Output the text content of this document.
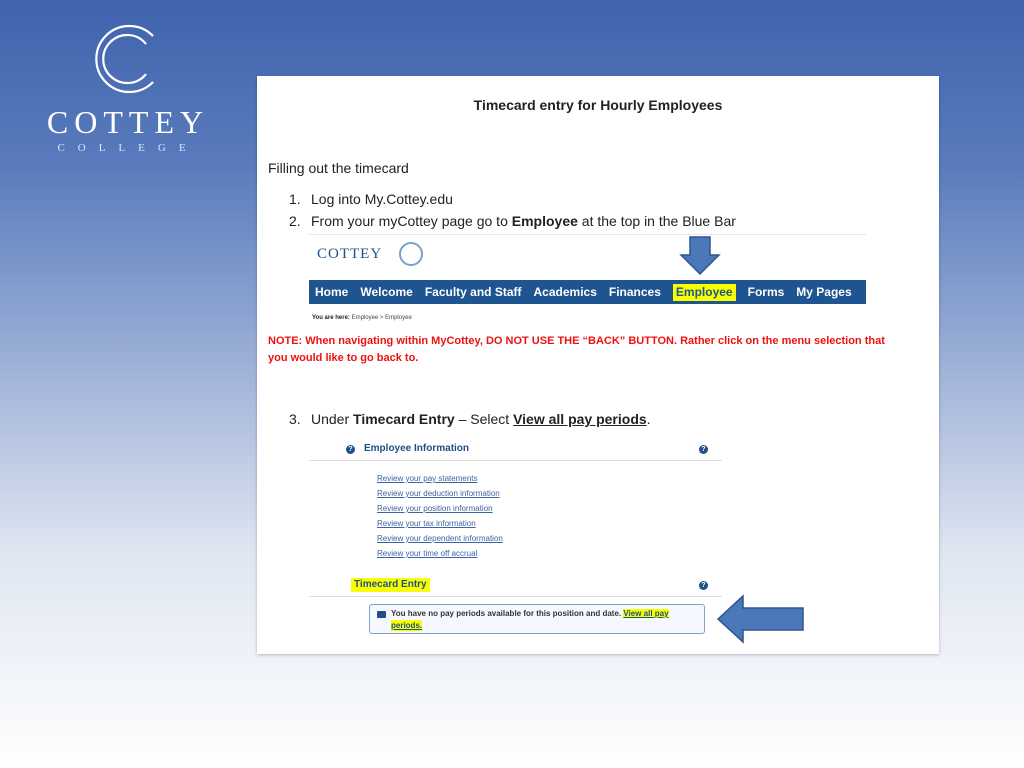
COTTEY
COLLEGE
Timecard entry for Hourly Employees
Filling out the timecard
1. Log into My.Cottey.edu
2. From your myCottey page go to Employee at the top in the Blue Bar
COTTEY
Home	Welcome	Faculty and Staff	Academics	Finances	Employee	Forms	My Pages
You are here: Employee > Employee
NOTE: When navigating within MyCottey, DO NOT USE THE “BACK” BUTTON. Rather click on the menu selection that
you would like to go back to.
3. Under Timecard Entry – Select View all pay periods.
? Employee Information	?
Review your pay statements
Review your deduction information
Review your position information
Review your tax information
Review your dependent information
Review your time off accrual
Timecard Entry	?
You have no pay periods available for this position and date. View all pay
periods.
